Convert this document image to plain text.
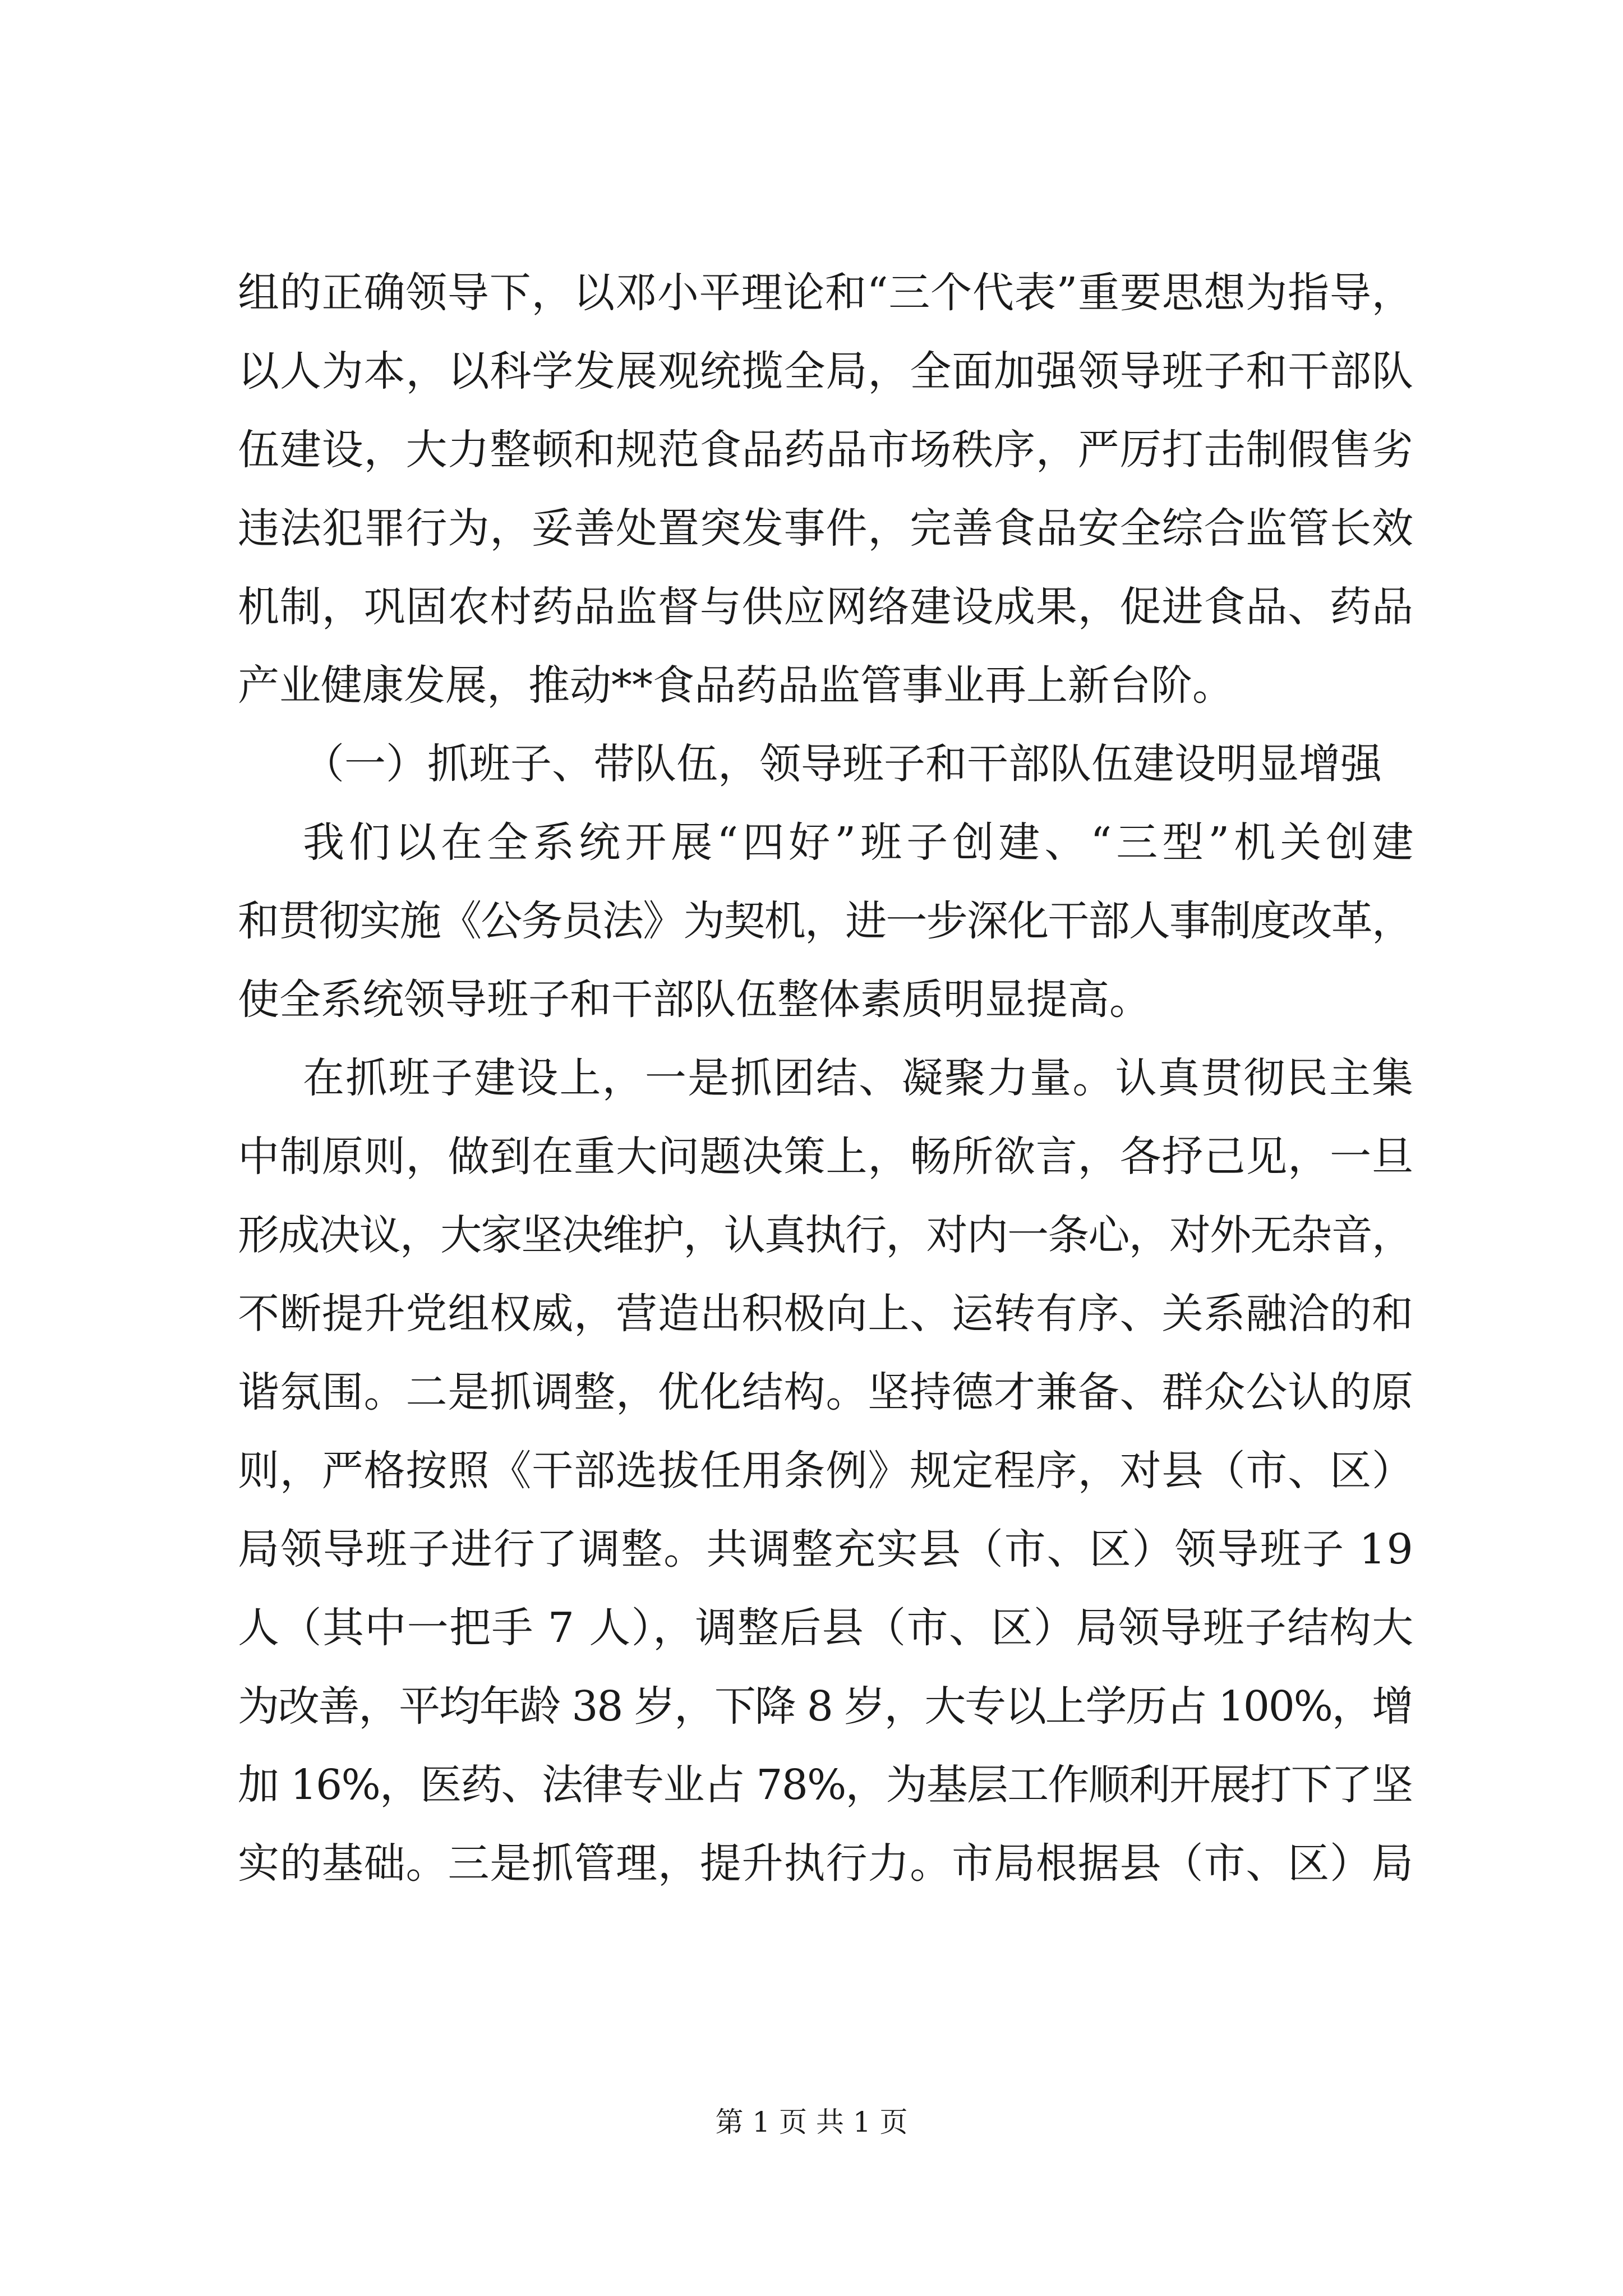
组的正确领导下，以邓小平理论和“三个代表”重要思想为指导，
以人为本，以科学发展观统揽全局，全面加强领导班子和干部队
伍建设，大力整顿和规范食品药品市场秩序，严厉打击制假售劣
违法犯罪行为，妥善处置突发事件，完善食品安全综合监管长效
机制，巩固农村药品监督与供应网络建设成果，促进食品、药品
产业健康发展，推动**食品药品监管事业再上新台阶。
（一）抓班子、带队伍，领导班子和干部队伍建设明显增强
我们以在全系统开展“四好”班子创建、“三型”机关创建
和贯彻实施《公务员法》为契机，进一步深化干部人事制度改革，
使全系统领导班子和干部队伍整体素质明显提高。
在抓班子建设上，一是抓团结、凝聚力量。认真贯彻民主集
中制原则，做到在重大问题决策上，畅所欲言，各抒己见，一旦
形成决议，大家坚决维护，认真执行，对内一条心，对外无杂音，
不断提升党组权威，营造出积极向上、运转有序、关系融洽的和
谐氛围。二是抓调整，优化结构。坚持德才兼备、群众公认的原
则，严格按照《干部选拔任用条例》规定程序，对县（市、区）
局领导班子进行了调整。共调整充实县（市、区）领导班子 19
人（其中一把手 7 人），调整后县（市、区）局领导班子结构大
为改善，平均年龄 38 岁，下降 8 岁，大专以上学历占 100%，增
加 16%，医药、法律专业占 78%，为基层工作顺利开展打下了坚
实的基础。三是抓管理，提升执行力。市局根据县（市、区）局
第 1 页 共 1 页
